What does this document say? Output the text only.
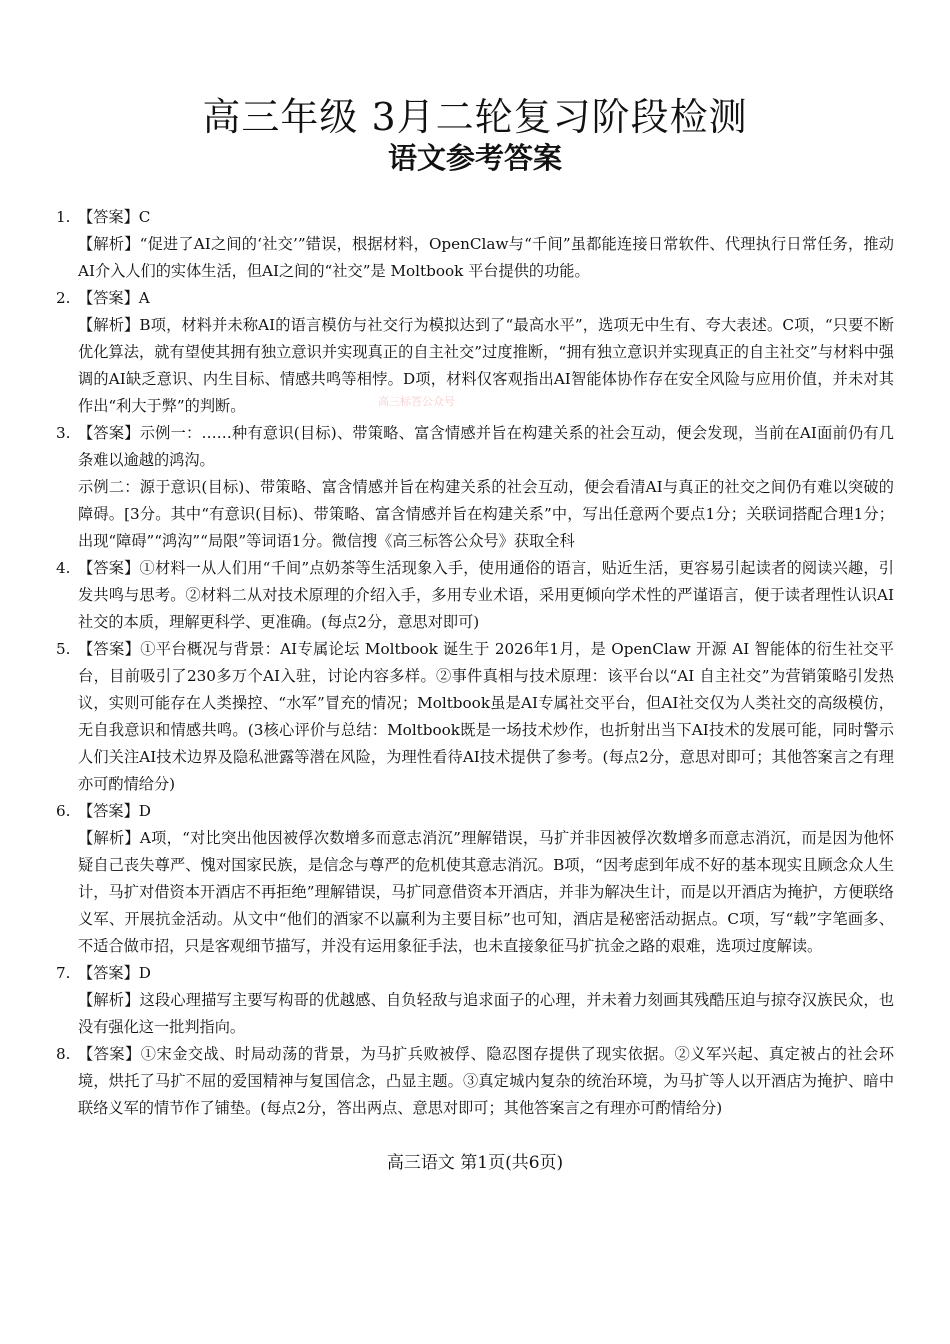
高三年级 3月二轮复习阶段检测
语文参考答案
高三标答公众号
1. 【答案】C
【解析】“促进了AI之间的‘社交’”错误，根据材料，OpenClaw与“千间”虽都能连接日常软件、代理执行日常任务，推动AI介入人们的实体生活，但AI之间的“社交”是 Moltbook 平台提供的功能。
2. 【答案】A
【解析】B项，材料并未称AI的语言模仿与社交行为模拟达到了“最高水平”，选项无中生有、夸大表述。C项，“只要不断优化算法，就有望使其拥有独立意识并实现真正的自主社交”过度推断，“拥有独立意识并实现真正的自主社交”与材料中强调的AI缺乏意识、内生目标、情感共鸣等相悖。D项，材料仅客观指出AI智能体协作存在安全风险与应用价值，并未对其作出“利大于弊”的判断。
3. 【答案】示例一：……种有意识(目标)、带策略、富含情感并旨在构建关系的社会互动，便会发现，当前在AI面前仍有几条难以逾越的鸿沟。
示例二：源于意识(目标)、带策略、富含情感并旨在构建关系的社会互动，便会看清AI与真正的社交之间仍有难以突破的障碍。[3分。其中“有意识(目标)、带策略、富含情感并旨在构建关系”中，写出任意两个要点1分；关联词搭配合理1分；出现“障碍”“鸿沟”“局限”等词语1分。微信搜《高三标答公众号》获取全科
4. 【答案】①材料一从人们用“千间”点奶茶等生活现象入手，使用通俗的语言，贴近生活，更容易引起读者的阅读兴趣，引发共鸣与思考。②材料二从对技术原理的介绍入手，多用专业术语，采用更倾向学术性的严谨语言，便于读者理性认识AI社交的本质，理解更科学、更准确。(每点2分，意思对即可)
5. 【答案】①平台概况与背景：AI专属论坛 Moltbook 诞生于 2026年1月，是 OpenClaw 开源 AI 智能体的衍生社交平台，目前吸引了230多万个AI入驻，讨论内容多样。②事件真相与技术原理：该平台以“AI 自主社交”为营销策略引发热议，实则可能存在人类操控、“水军”冒充的情况；Moltbook虽是AI专属社交平台，但AI社交仅为人类社交的高级模仿，无自我意识和情感共鸣。(3核心评价与总结：Moltbook既是一场技术炒作，也折射出当下AI技术的发展可能，同时警示人们关注AI技术边界及隐私泄露等潜在风险，为理性看待AI技术提供了参考。(每点2分，意思对即可；其他答案言之有理亦可酌情给分)
6. 【答案】D
【解析】A项，“对比突出他因被俘次数增多而意志消沉”理解错误，马扩并非因被俘次数增多而意志消沉，而是因为他怀疑自己丧失尊严、愧对国家民族，是信念与尊严的危机使其意志消沉。B项，“因考虑到年成不好的基本现实且顾念众人生计，马扩对借资本开酒店不再拒绝”理解错误，马扩同意借资本开酒店，并非为解决生计，而是以开酒店为掩护，方便联络义军、开展抗金活动。从文中“他们的酒家不以赢利为主要目标”也可知，酒店是秘密活动据点。C项，写“载”字笔画多、不适合做市招，只是客观细节描写，并没有运用象征手法，也未直接象征马扩抗金之路的艰难，选项过度解读。
7. 【答案】D
【解析】这段心理描写主要写构哥的优越感、自负轻敌与追求面子的心理，并未着力刻画其残酷压迫与掠夺汉族民众，也没有强化这一批判指向。
8. 【答案】①宋金交战、时局动荡的背景，为马扩兵败被俘、隐忍图存提供了现实依据。②义军兴起、真定被占的社会环境，烘托了马扩不屈的爱国精神与复国信念，凸显主题。③真定城内复杂的统治环境，为马扩等人以开酒店为掩护、暗中联络义军的情节作了铺垫。(每点2分，答出两点、意思对即可；其他答案言之有理亦可酌情给分)
高三语文 第1页(共6页)
